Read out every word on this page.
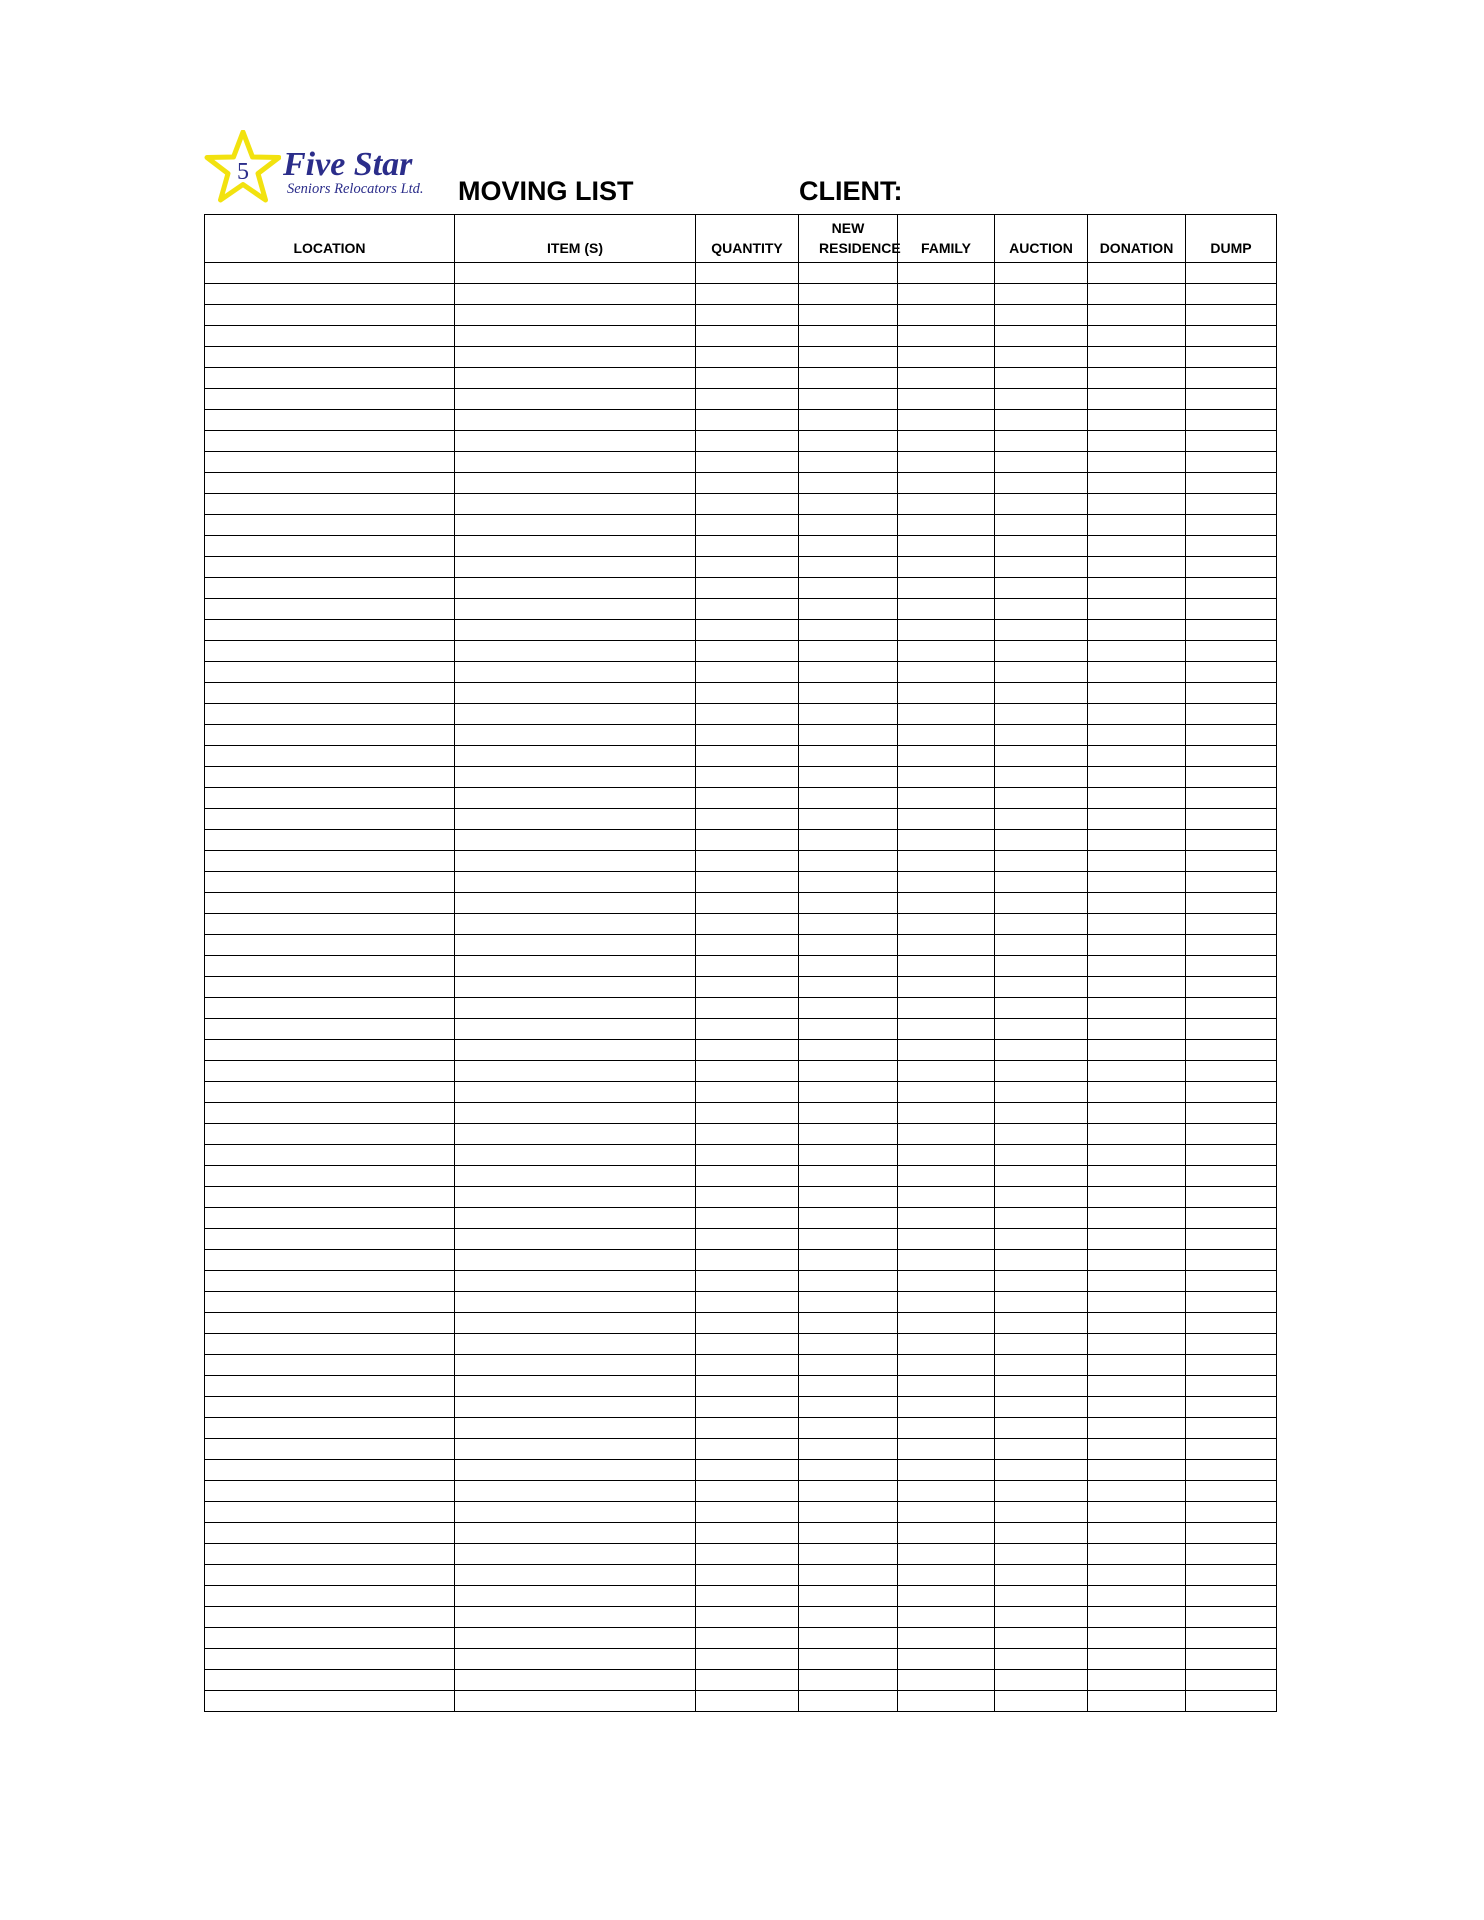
5 Five Star
Seniors Relocators Ltd. MOVING LIST	CLIENT:
LOCATION	ITEM (S)	QUANTITY	NEW RESIDENCE	FAMILY	AUCTION	DONATION	DUMP
